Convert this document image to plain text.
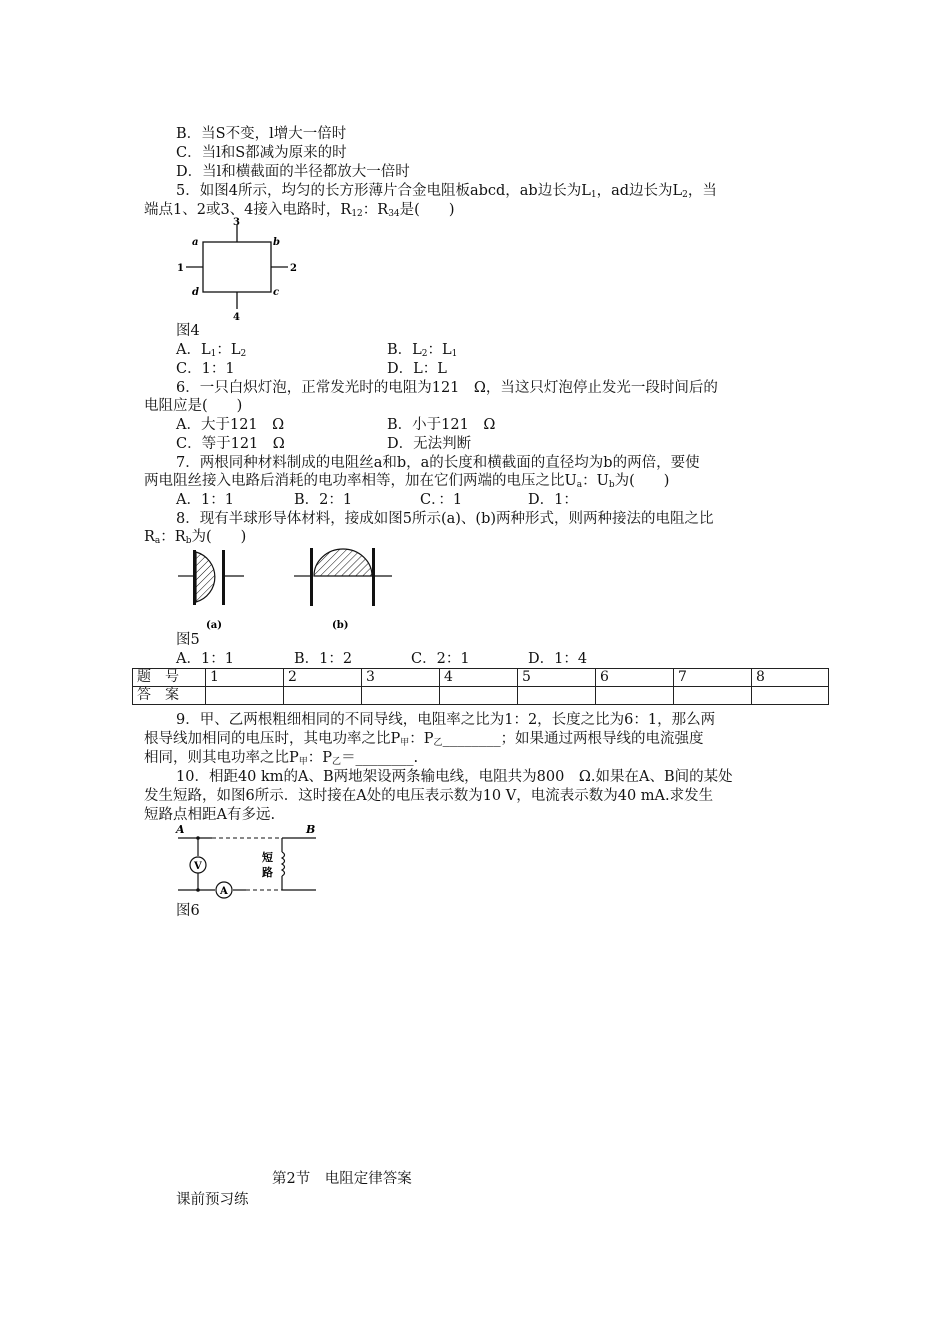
B．当S不变，l增大一倍时
C．当l和S都减为原来的时
D．当l和横截面的半径都放大一倍时
5．如图4所示，均匀的长方形薄片合金电阻板abcd，ab边长为$L_1$，ad边长为$L_2$，当
端点1、2或3、4接入电路时，$R_{12}$：$R_{34}$是(　　)
3
4
1	2
a	b
d	c
图4
A．$L_1$：$L_2$	B．$L_2$：$L_1$
C．1：1	D．L：L
6．一只白炽灯泡，正常发光时的电阻为121　Ω，当这只灯泡停止发光一段时间后的
电阻应是(　　)
A．大于121　Ω	B．小于121　Ω
C．等于121　Ω	D．无法判断
7．两根同种材料制成的电阻丝a和b，a的长度和横截面的直径均为b的两倍，要使
两电阻丝接入电路后消耗的电功率相等，加在它们两端的电压之比$U_a$：$U_b$为(　　)
A．1：1	B．2：1	C．：1	D．1：
8．现有半球形导体材料，接成如图5所示(a)、(b)两种形式，则两种接法的电阻之比
$R_a$：$R_b$为(　　)
(a)	(b)
图5
A．1：1	B．1：2	C．2：1	D．1：4
题　号	1	2	3	4	5	6	7	8
答　案								
9．甲、乙两根粗细相同的不同导线，电阻率之比为1：2，长度之比为6：1，那么两
根导线加相同的电压时，其电功率之比$P_甲$：$P_乙\_\_\_\_\_\_\_\_$；如果通过两根导线的电流强度
相同，则其电功率之比$P_甲$：$P_乙=\_\_\_\_\_\_\_\_$.
10．相距40 km的A、B两地架设两条输电线，电阻共为800　Ω.如果在A、B间的某处
发生短路，如图6所示．这时接在A处的电压表示数为10 V，电流表示数为40 mA.求发生
短路点相距A有多远.
A	B
V
A
短
路
图6
第2节　电阻定律答案
课前预习练
